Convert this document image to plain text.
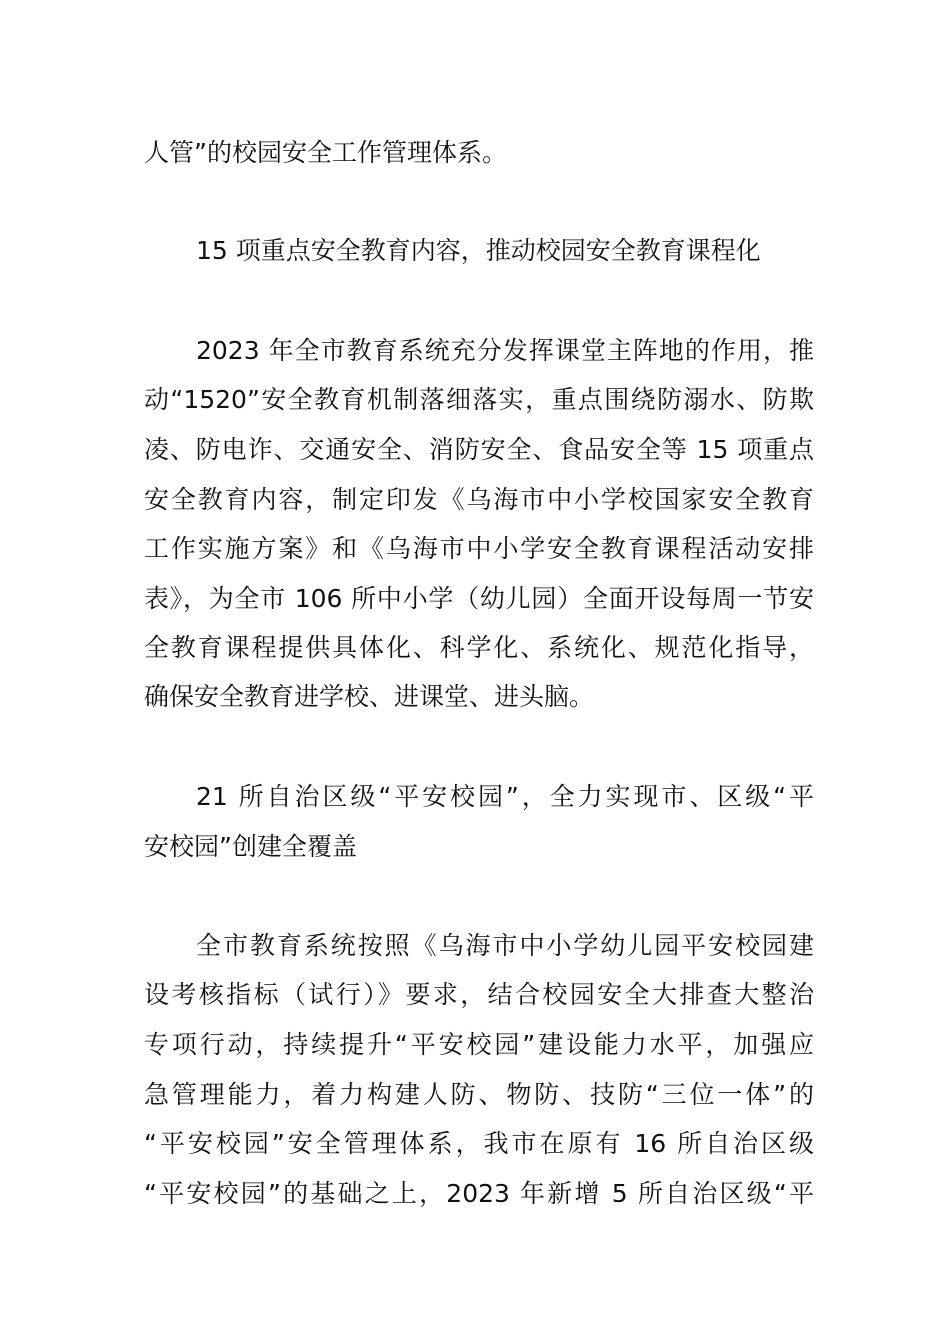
人管”的校园安全工作管理体系。
15 项重点安全教育内容，推动校园安全教育课程化
2023 年全市教育系统充分发挥课堂主阵地的作用，推
动“1520”安全教育机制落细落实，重点围绕防溺水、防欺
凌、防电诈、交通安全、消防安全、食品安全等 15 项重点
安全教育内容，制定印发《乌海市中小学校国家安全教育
工作实施方案》和《乌海市中小学安全教育课程活动安排
表》，为全市 106 所中小学（幼儿园）全面开设每周一节安
全教育课程提供具体化、科学化、系统化、规范化指导，
确保安全教育进学校、进课堂、进头脑。
21 所自治区级“平安校园”，全力实现市、区级“平
安校园”创建全覆盖
全市教育系统按照《乌海市中小学幼儿园平安校园建
设考核指标（试行）》要求，结合校园安全大排查大整治
专项行动，持续提升“平安校园”建设能力水平，加强应
急管理能力，着力构建人防、物防、技防“三位一体”的
“平安校园”安全管理体系，我市在原有 16 所自治区级
“平安校园”的基础之上，2023 年新增 5 所自治区级“平
